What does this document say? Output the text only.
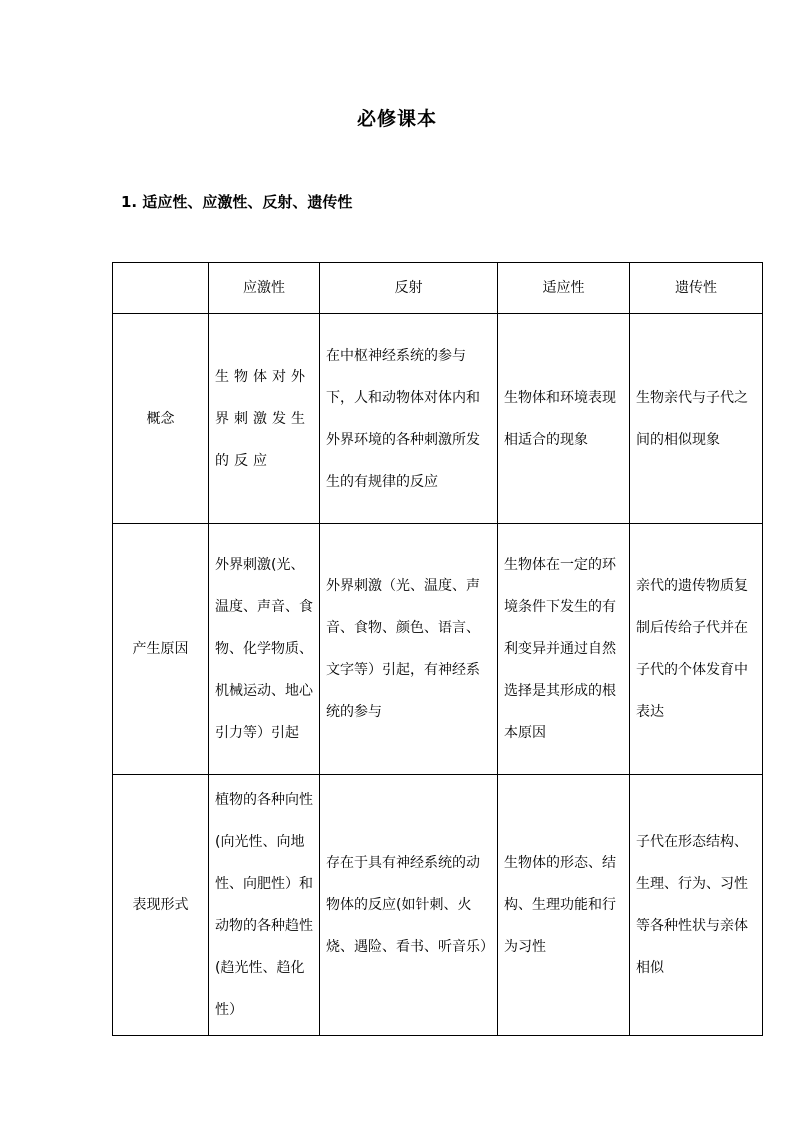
必修课本
1. 适应性、应激性、反射、遗传性
	应激性	反射	适应性	遗传性
概念	生物体对外界刺激发生的反应	在中枢神经系统的参与下，人和动物体对体内和外界环境的各种刺激所发生的有规律的反应	生物体和环境表现相适合的现象	生物亲代与子代之间的相似现象
产生原因	外界刺激(光、温度、声音、食物、化学物质、机械运动、地心引力等）引起	外界刺激（光、温度、声音、食物、颜色、语言、文字等）引起，有神经系统的参与	生物体在一定的环境条件下发生的有利变异并通过自然选择是其形成的根本原因	亲代的遗传物质复制后传给子代并在子代的个体发育中表达
表现形式	植物的各种向性(向光性、向地性、向肥性）和动物的各种趋性(趋光性、趋化性）	存在于具有神经系统的动物体的反应(如针刺、火烧、遇险、看书、听音乐）	生物体的形态、结构、生理功能和行为习性	子代在形态结构、生理、行为、习性等各种性状与亲体相似
